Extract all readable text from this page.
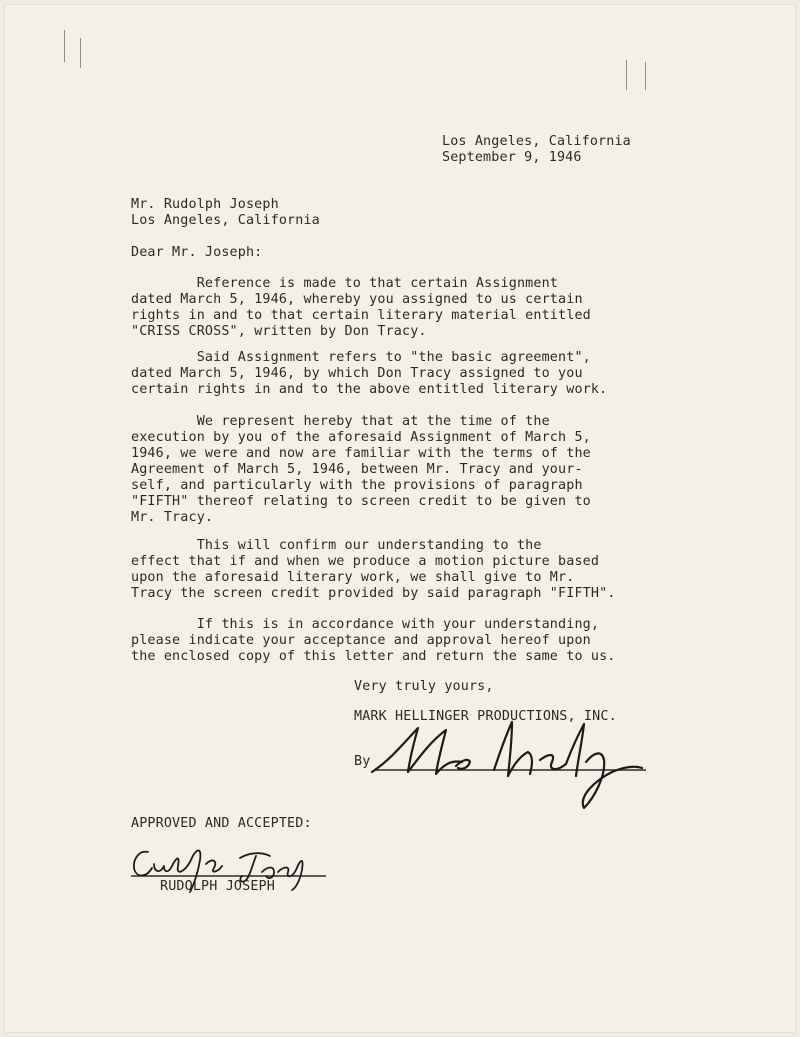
Los Angeles, California
September 9, 1946
Mr. Rudolph Joseph
Los Angeles, California
Dear Mr. Joseph:
Reference is made to that certain Assignment
dated March 5, 1946, whereby you assigned to us certain
rights in and to that certain literary material entitled
"CRISS CROSS", written by Don Tracy.
Said Assignment refers to "the basic agreement",
dated March 5, 1946, by which Don Tracy assigned to you
certain rights in and to the above entitled literary work.
We represent hereby that at the time of the
execution by you of the aforesaid Assignment of March 5,
1946, we were and now are familiar with the terms of the
Agreement of March 5, 1946, between Mr. Tracy and your-
self, and particularly with the provisions of paragraph
"FIFTH" thereof relating to screen credit to be given to
Mr. Tracy.
This will confirm our understanding to the
effect that if and when we produce a motion picture based
upon the aforesaid literary work, we shall give to Mr.
Tracy the screen credit provided by said paragraph "FIFTH".
If this is in accordance with your understanding,
please indicate your acceptance and approval hereof upon
the enclosed copy of this letter and return the same to us.
Very truly yours,
MARK HELLINGER PRODUCTIONS, INC.
By
APPROVED AND ACCEPTED:
RUDOLPH JOSEPH
